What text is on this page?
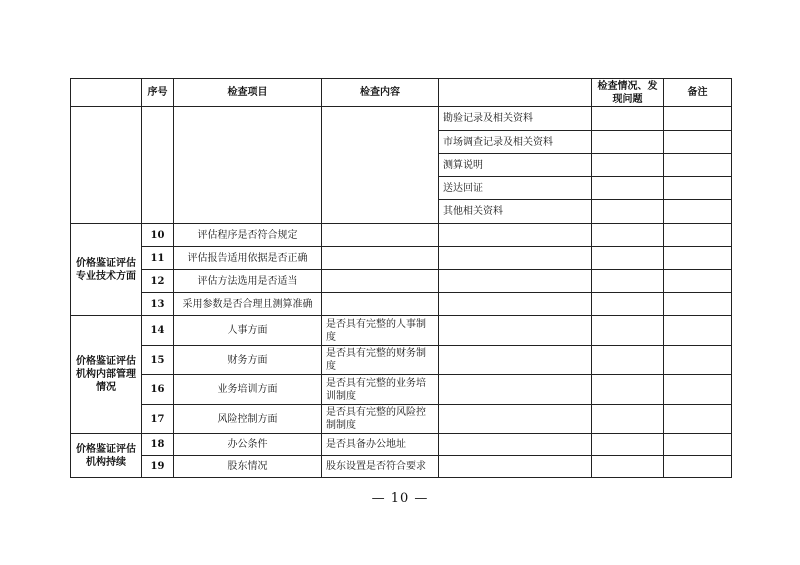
	序号	检查项目	检查内容		检查情况、发现问题	备注
				勘验记录及相关资料		
				市场调查记录及相关资料		
				测算说明		
				送达回证		
				其他相关资料		
价格鉴证评估专业技术方面	10	评估程序是否符合规定				
	11	评估报告适用依据是否正确				
	12	评估方法选用是否适当				
	13	采用参数是否合理且测算准确				
价格鉴证评估机构内部管理情况	14	人事方面	是否具有完整的人事制度			
	15	财务方面	是否具有完整的财务制度			
	16	业务培训方面	是否具有完整的业务培训制度			
	17	风险控制方面	是否具有完整的风险控制制度			
价格鉴证评估机构持续	18	办公条件	是否具备办公地址			
	19	股东情况	股东设置是否符合要求			
— 10 —
